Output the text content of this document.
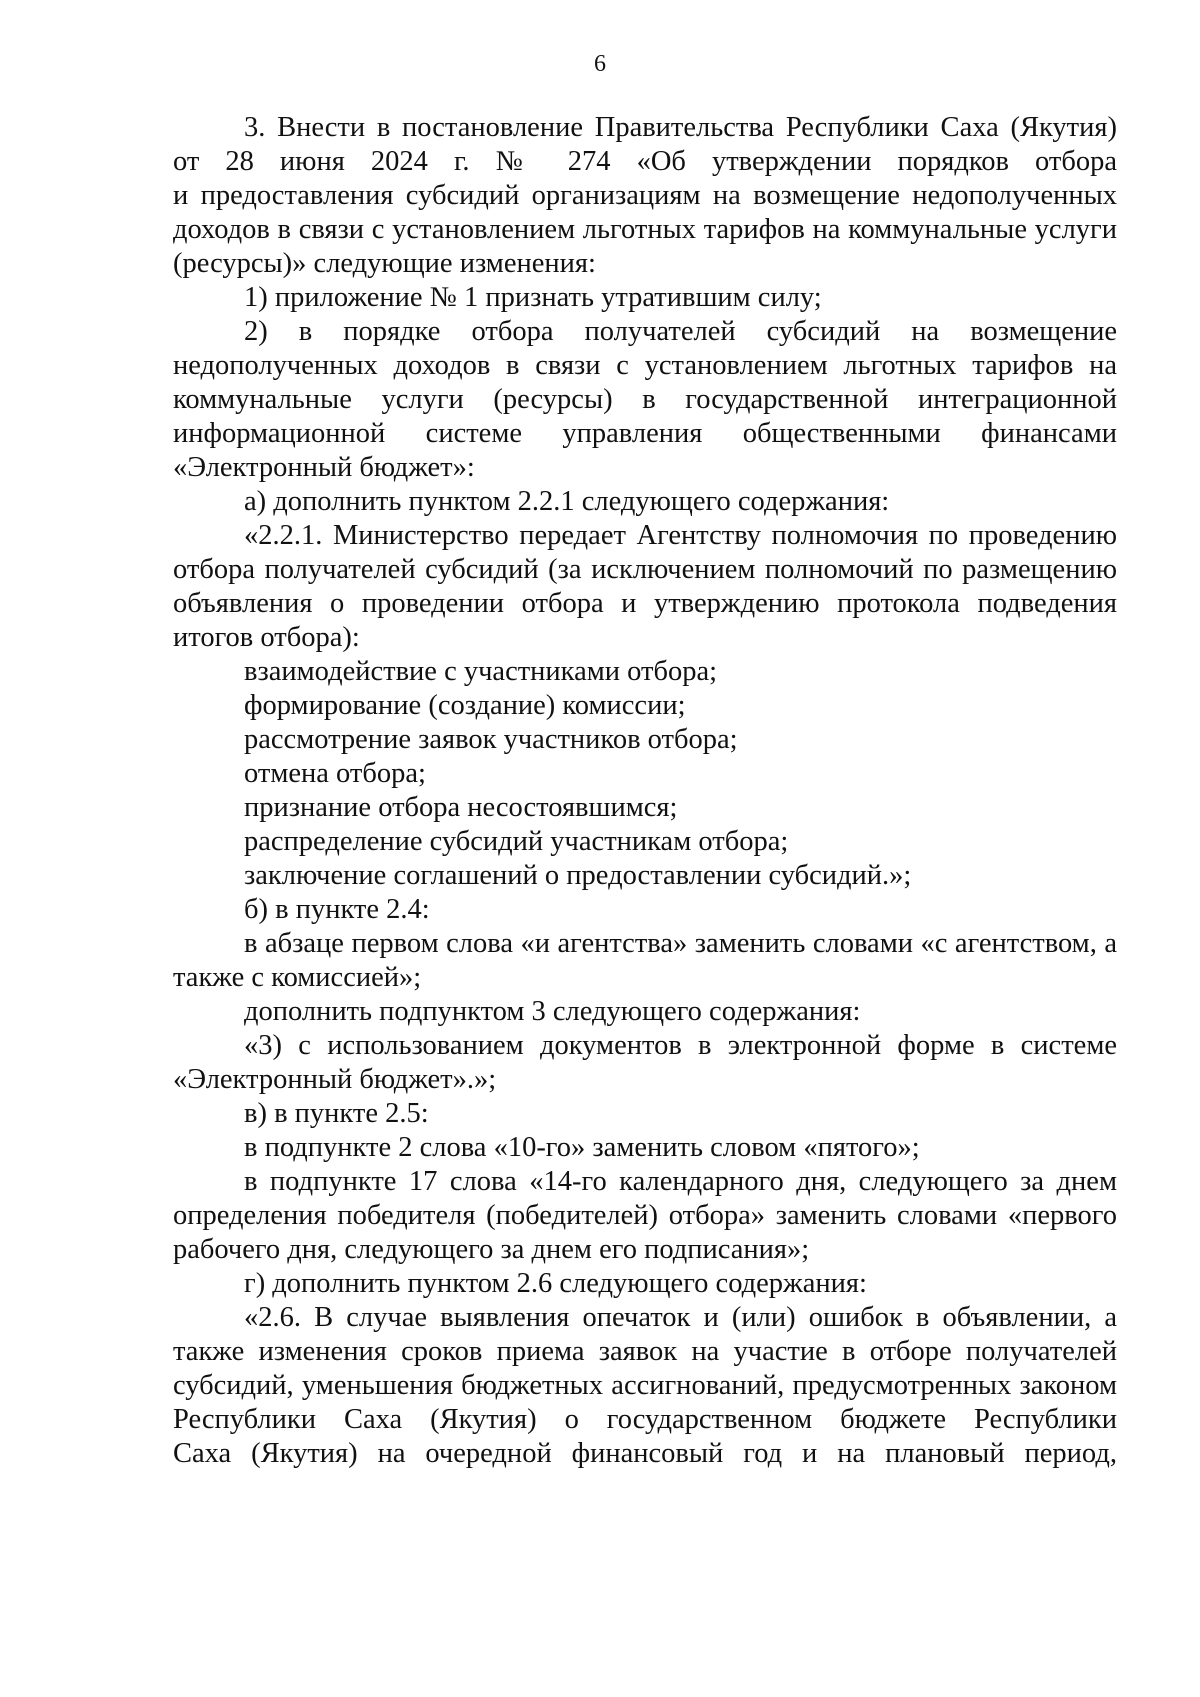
6
3. Внести в постановление Правительства Республики Саха (Якутия)
от 28 июня 2024 г. № 274 «Об утверждении порядков отбора
и предоставления субсидий организациям на возмещение недополученных
доходов в связи с установлением льготных тарифов на коммунальные услуги
(ресурсы)» следующие изменения:
1) приложение № 1 признать утратившим силу;
2) в порядке отбора получателей субсидий на возмещение
недополученных доходов в связи с установлением льготных тарифов на
коммунальные услуги (ресурсы) в государственной интеграционной
информационной системе управления общественными финансами
«Электронный бюджет»:
а) дополнить пунктом 2.2.1 следующего содержания:
«2.2.1. Министерство передает Агентству полномочия по проведению
отбора получателей субсидий (за исключением полномочий по размещению
объявления о проведении отбора и утверждению протокола подведения
итогов отбора):
взаимодействие с участниками отбора;
формирование (создание) комиссии;
рассмотрение заявок участников отбора;
отмена отбора;
признание отбора несостоявшимся;
распределение субсидий участникам отбора;
заключение соглашений о предоставлении субсидий.»;
б) в пункте 2.4:
в абзаце первом слова «и агентства» заменить словами «с агентством, а
также с комиссией»;
дополнить подпунктом 3 следующего содержания:
«3) с использованием документов в электронной форме в системе
«Электронный бюджет».»;
в) в пункте 2.5:
в подпункте 2 слова «10-го» заменить словом «пятого»;
в подпункте 17 слова «14-го календарного дня, следующего за днем
определения победителя (победителей) отбора» заменить словами «первого
рабочего дня, следующего за днем его подписания»;
г) дополнить пунктом 2.6 следующего содержания:
«2.6. В случае выявления опечаток и (или) ошибок в объявлении, а
также изменения сроков приема заявок на участие в отборе получателей
субсидий, уменьшения бюджетных ассигнований, предусмотренных законом
Республики Саха (Якутия) о государственном бюджете Республики
Саха (Якутия) на очередной финансовый год и на плановый период,
